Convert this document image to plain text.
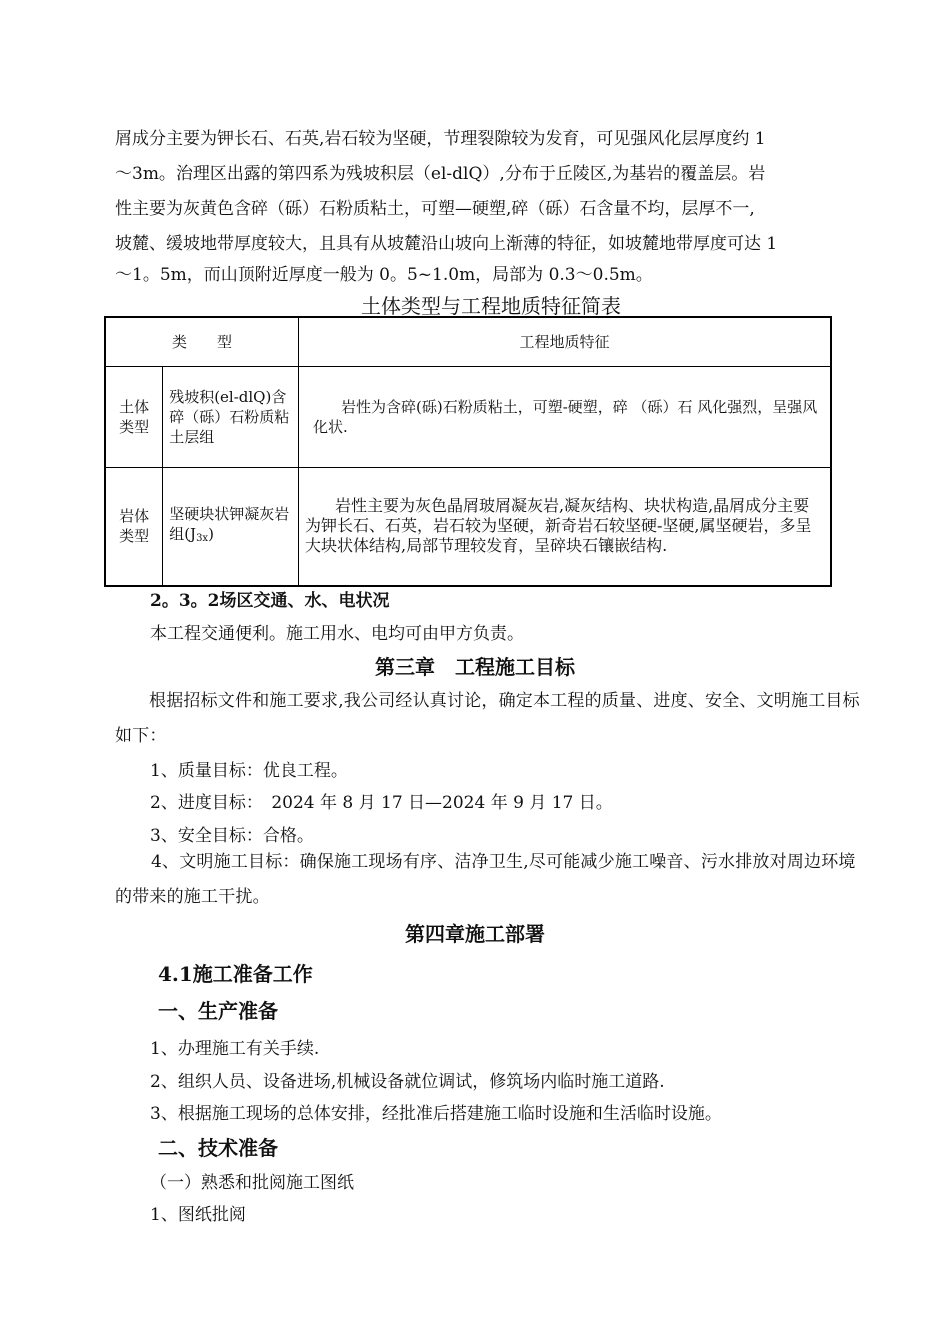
屑成分主要为钾长石、石英,岩石较为坚硬，节理裂隙较为发育，可见强风化层厚度约 1
～3m。治理区出露的第四系为残坡积层（el-dlQ）,分布于丘陵区,为基岩的覆盖层。岩
性主要为灰黄色含碎（砾）石粉质粘土，可塑—硬塑,碎（砾）石含量不均，层厚不一,
坡麓、缓坡地带厚度较大，且具有从坡麓沿山坡向上渐薄的特征，如坡麓地带厚度可达 1
～1。5m，而山顶附近厚度一般为 0。5~1.0m，局部为 0.3～0.5m。
土体类型与工程地质特征简表
类　　型		工程地质特征
土体类型	残坡积(el-dlQ)含碎（砾）石粉质粘土层组	岩性为含碎(砾)石粉质粘土，可塑-硬塑，碎 （砾）石 风化强烈，呈强风化状.
岩体类型	坚硬块状钾凝灰岩组$(J_{3x})$	岩性主要为灰色晶屑玻屑凝灰岩,凝灰结构、块状构造,晶屑成分主要为钾长石、石英，岩石较为坚硬，新奇岩石较坚硬-坚硬,属坚硬岩，多呈大块状体结构,局部节理较发育，呈碎块石镶嵌结构.
2。3。2场区交通、水、电状况
本工程交通便利。施工用水、电均可由甲方负责。
第三章　工程施工目标
根据招标文件和施工要求,我公司经认真讨论，确定本工程的质量、进度、安全、文明施工目标如下：
1、质量目标：优良工程。
2、进度目标：　2024 年 8 月 17 日—2024 年 9 月 17 日。
3、安全目标：合格。
4、文明施工目标：确保施工现场有序、洁净卫生,尽可能减少施工噪音、污水排放对周边环境的带来的施工干扰。
第四章施工部署
4.1施工准备工作
一、生产准备
1、办理施工有关手续.
2、组织人员、设备进场,机械设备就位调试，修筑场内临时施工道路.
3、根据施工现场的总体安排，经批准后搭建施工临时设施和生活临时设施。
二、技术准备
（一）熟悉和批阅施工图纸
1、图纸批阅
